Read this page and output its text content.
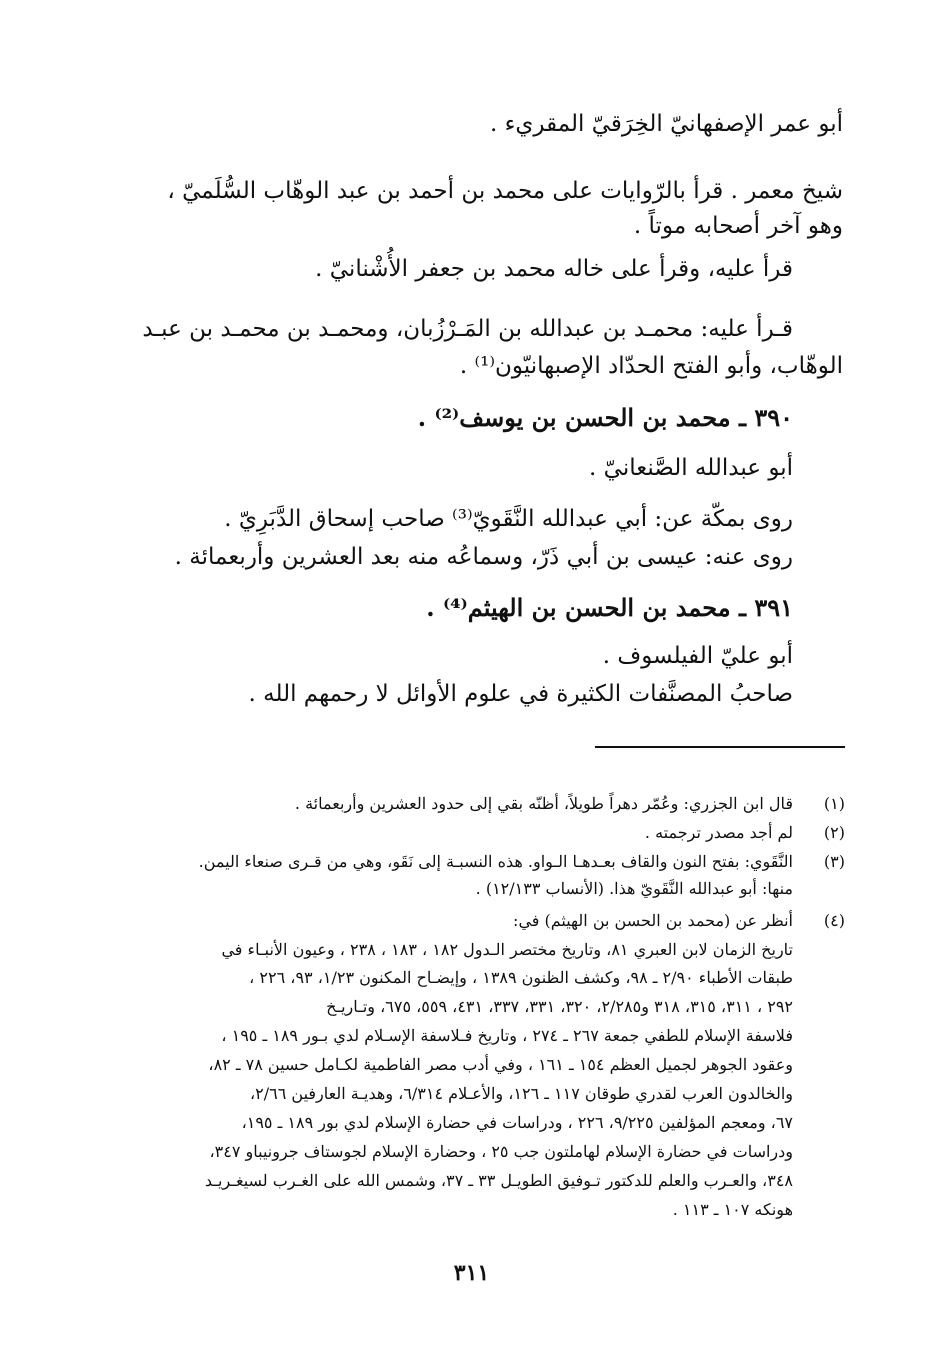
أبو عمر الإصفهانيّ الخِرَقيّ المقريء .
شيخ معمر . قرأ بالرّوايات على محمد بن أحمد بن عبد الوهّاب السُّلَميّ ،
وهو آخر أصحابه موتاً .
قرأ عليه، وقرأ على خاله محمد بن جعفر الأُشْنانيّ .
قـرأ عليه: محمـد بن عبدالله بن المَـرْزُبان، ومحمـد بن محمـد بن عبـد
الوهّاب، وأبو الفتح الحدّاد الإصبهانيّون⁽¹⁾ .
٣٩٠ ـ محمد بن الحسن بن يوسف⁽²⁾ .
أبو عبدالله الصَّنعانيّ .
روى بمكّة عن: أبي عبدالله النَّقَويّ⁽³⁾ صاحب إسحاق الدَّبَرِيّ .
روى عنه: عيسى بن أبي ذَرّ، وسماعُه منه بعد العشرين وأربعمائة .
٣٩١ ـ محمد بن الحسن بن الهيثم⁽⁴⁾ .
أبو عليّ الفيلسوف .
صاحبُ المصنَّفات الكثيرة في علوم الأوائل لا رحمهم الله .
(١)
قال ابن الجزري: وعُمّر دهراً طويلاً، أظنّه بقي إلى حدود العشرين وأربعمائة .
(٢)
لم أجد مصدر ترجمته .
(٣)
النَّقَوي: بفتح النون والقاف بعـدهـا الـواو. هذه النسبـة إلى نَقَو، وهي من قـرى صنعاء اليمن.
منها: أبو عبدالله النَّقَويّ هذا. (الأنساب ١٢/١٣٣) .
(٤)
أنظر عن (محمد بن الحسن بن الهيثم) في:
تاريخ الزمان لابن العبري ٨١، وتاريخ مختصر الـدول ١٨٢ ، ١٨٣ ، ٢٣٨ ، وعيون الأنبـاء في
طبقات الأطباء ٢/٩٠ ـ ٩٨، وكشف الظنون ١٣٨٩ ، وإيضـاح المكنون ١/٢٣، ٩٣، ٢٢٦ ،
٢٩٢ ، ٣١١، ٣١٥، ٣١٨ و٢/٢٨٥، ٣٢٠، ٣٣١، ٣٣٧، ٤٣١، ٥٥٩، ٦٧٥، وتـاريـخ
فلاسفة الإسلام للطفي جمعة ٢٦٧ ـ ٢٧٤ ، وتاريخ فـلاسفة الإسـلام لدي بـور ١٨٩ ـ ١٩٥ ،
وعقود الجوهر لجميل العظم ١٥٤ ـ ١٦١ ، وفي أدب مصر الفاطمية لكـامل حسين ٧٨ ـ ٨٢،
والخالدون العرب لقدري طوقان ١١٧ ـ ١٢٦، والأعـلام ٦/٣١٤، وهديـة العارفين ٢/٦٦،
٦٧، ومعجم المؤلفين ٩/٢٢٥، ٢٢٦ ، ودراسات في حضارة الإسلام لدي بور ١٨٩ ـ ١٩٥،
ودراسات في حضارة الإسلام لهاملتون جب ٢٥ ، وحضارة الإسلام لجوستاف جرونيباو ٣٤٧،
٣٤٨، والعـرب والعلم للدكتور تـوفيق الطويـل ٣٣ ـ ٣٧، وشمس الله على الغـرب لسيغـريـد
هونكه ١٠٧ ـ ١١٣ .
٣١١
